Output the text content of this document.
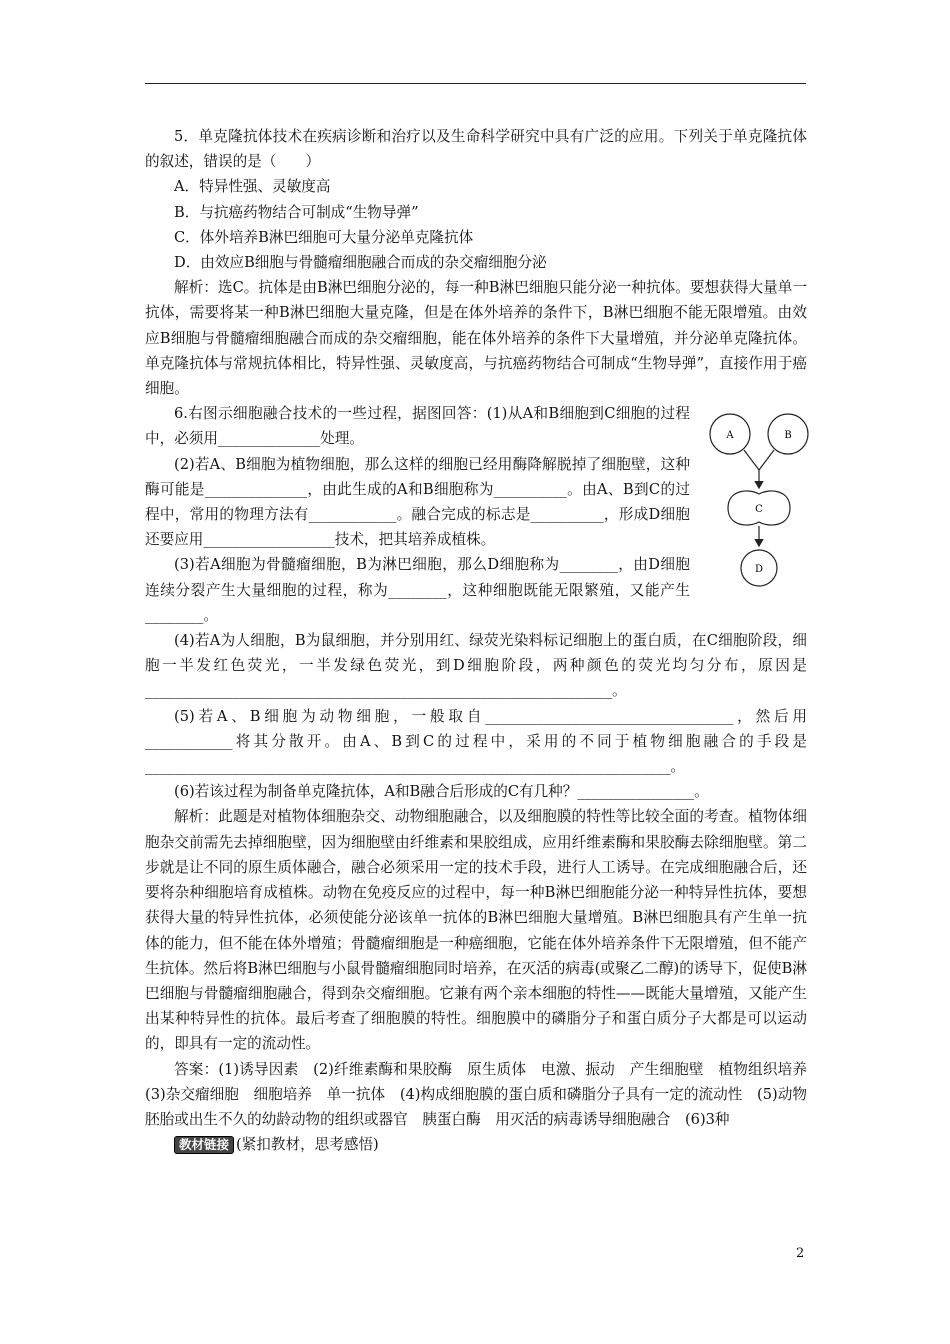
5．单克隆抗体技术在疾病诊断和治疗以及生命科学研究中具有广泛的应用。下列关于单克隆抗体的叙述，错误的是（　　）

A．特异性强、灵敏度高

B．与抗癌药物结合可制成“生物导弹”

C．体外培养B淋巴细胞可大量分泌单克隆抗体

D．由效应B细胞与骨髓瘤细胞融合而成的杂交瘤细胞分泌

解析：选C。抗体是由B淋巴细胞分泌的，每一种B淋巴细胞只能分泌一种抗体。要想获得大量单一抗体，需要将某一种B淋巴细胞大量克隆，但是在体外培养的条件下，B淋巴细胞不能无限增殖。由效应B细胞与骨髓瘤细胞融合而成的杂交瘤细胞，能在体外培养的条件下大量增殖，并分泌单克隆抗体。单克隆抗体与常规抗体相比，特异性强、灵敏度高，与抗癌药物结合可制成“生物导弹”，直接作用于癌细胞。

6.右图示细胞融合技术的一些过程，据图回答：(1)从A和B细胞到C细胞的过程中，必须用______________处理。

(2)若A、B细胞为植物细胞，那么这样的细胞已经用酶降解脱掉了细胞壁，这种酶可能是______________，由此生成的A和B细胞称为__________。由A、B到C的过程中，常用的物理方法有____________。融合完成的标志是__________，形成D细胞还要应用__________________技术，把其培养成植株。

(3)若A细胞为骨髓瘤细胞，B为淋巴细胞，那么D细胞称为________，由D细胞连续分裂产生大量细胞的过程，称为________，这种细胞既能无限繁殖，又能产生________。

(4)若A为人细胞，B为鼠细胞，并分别用红、绿荧光染料标记细胞上的蛋白质，在C细胞阶段，细胞一半发红色荧光，一半发绿色荧光，到D细胞阶段，两种颜色的荧光均匀分布，原因是________________________________________________________________。

(5)若A、B细胞为动物细胞，一般取自__________________________________，然后用____________将其分散开。由A、B到C的过程中，采用的不同于植物细胞融合的手段是________________________________________________________________________。

(6)若该过程为制备单克隆抗体，A和B融合后形成的C有几种？________________。

解析：此题是对植物体细胞杂交、动物细胞融合，以及细胞膜的特性等比较全面的考查。植物体细胞杂交前需先去掉细胞壁，因为细胞壁由纤维素和果胶组成，应用纤维素酶和果胶酶去除细胞壁。第二步就是让不同的原生质体融合，融合必须采用一定的技术手段，进行人工诱导。在完成细胞融合后，还要将杂种细胞培育成植株。动物在免疫反应的过程中，每一种B淋巴细胞能分泌一种特异性抗体，要想获得大量的特异性抗体，必须使能分泌该单一抗体的B淋巴细胞大量增殖。B淋巴细胞具有产生单一抗体的能力，但不能在体外增殖；骨髓瘤细胞是一种癌细胞，它能在体外培养条件下无限增殖，但不能产生抗体。然后将B淋巴细胞与小鼠骨髓瘤细胞同时培养，在灭活的病毒(或聚乙二醇)的诱导下，促使B淋巴细胞与骨髓瘤细胞融合，得到杂交瘤细胞。它兼有两个亲本细胞的特性——既能大量增殖，又能产生出某种特异性的抗体。最后考查了细胞膜的特性。细胞膜中的磷脂分子和蛋白质分子大都是可以运动的，即具有一定的流动性。

答案：(1)诱导因素　(2)纤维素酶和果胶酶　原生质体　电激、振动　产生细胞壁　植物组织培养　(3)杂交瘤细胞　细胞培养　单一抗体　(4)构成细胞膜的蛋白质和磷脂分子具有一定的流动性　(5)动物胚胎或出生不久的幼龄动物的组织或器官　胰蛋白酶　用灭活的病毒诱导细胞融合　(6)3种

教材链接 (紧扣教材，思考感悟)

A	B
C
D
2
